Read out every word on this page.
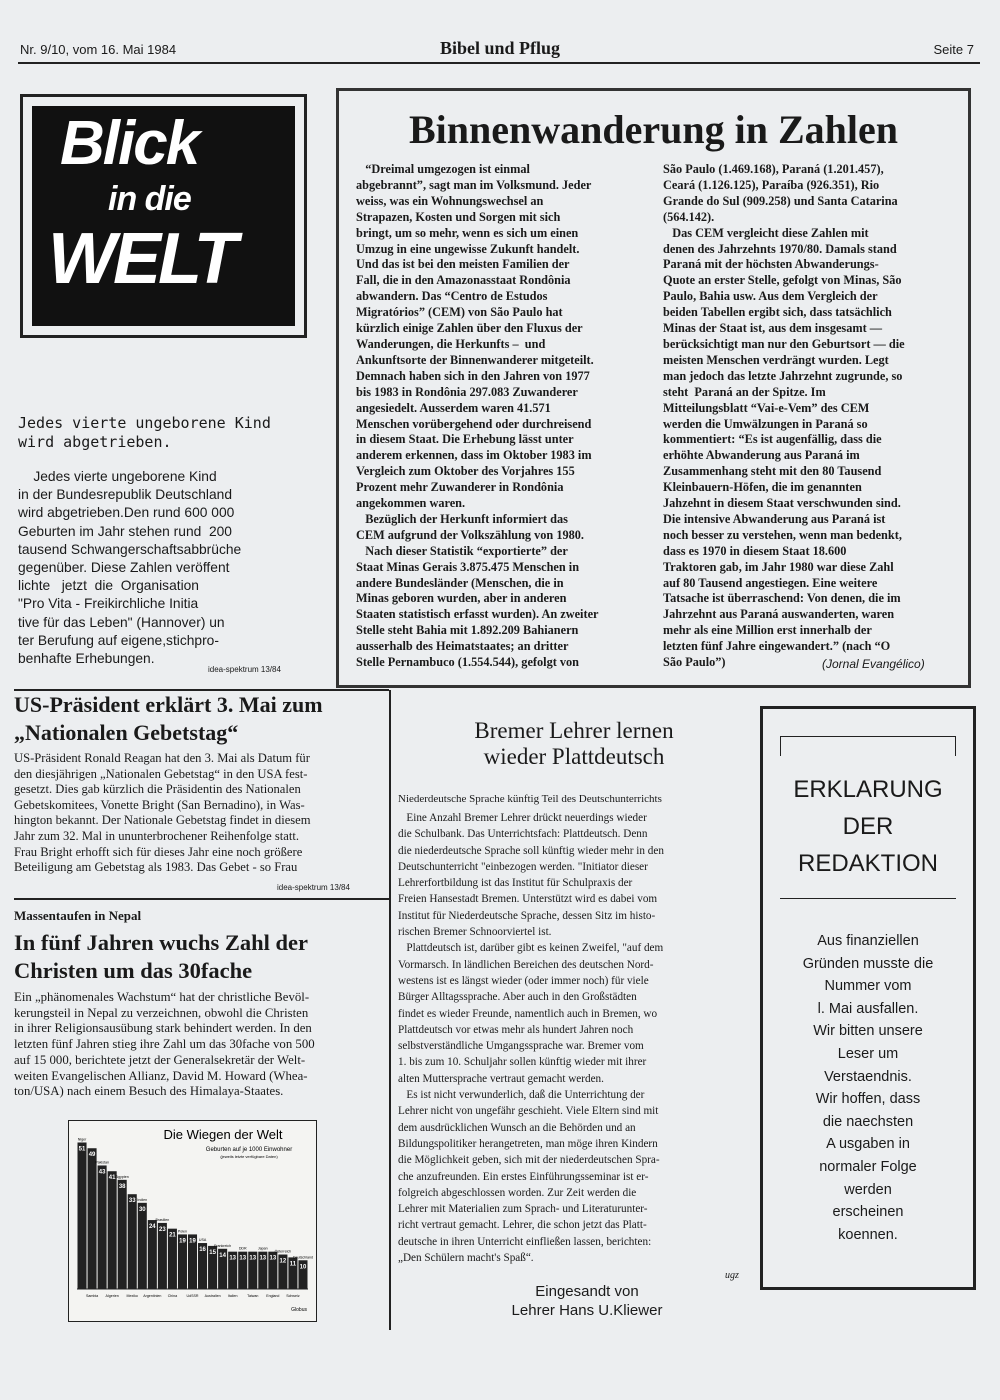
Nr. 9/10, vom 16. Mai 1984	Bibel und Pflug	Seite 7
Blick
in die
WELT
Jedes vierte ungeborene Kind
wird abgetrieben.
Jedes vierte ungeborene Kind
in der Bundesrepublik Deutschland
wird abgetrieben.Den rund 600 000
Geburten im Jahr stehen rund  200
tausend Schwangerschaftsabbrüche
gegenüber. Diese Zahlen veröffent
lichte   jetzt  die  Organisation
"Pro Vita - Freikirchliche Initia
tive für das Leben" (Hannover) un
ter Berufung auf eigene,stichpro-
benhafte Erhebungen.
idea-spektrum 13/84
Binnenwanderung in Zahlen
“Dreimal umgezogen ist einmal
abgebrannt”, sagt man im Volksmund. Jeder
weiss, was ein Wohnungswechsel an
Strapazen, Kosten und Sorgen mit sich
bringt, um so mehr, wenn es sich um einen
Umzug in eine ungewisse Zukunft handelt.
Und das ist bei den meisten Familien der
Fall, die in den Amazonasstaat Rondônia
abwandern. Das “Centro de Estudos
Migratórios” (CEM) von São Paulo hat
kürzlich einige Zahlen über den Fluxus der
Wanderungen, die Herkunfts –  und
Ankunftsorte der Binnenwanderer mitgeteilt.
Demnach haben sich in den Jahren von 1977
bis 1983 in Rondônia 297.083 Zuwanderer
angesiedelt. Ausserdem waren 41.571
Menschen vorübergehend oder durchreisend
in diesem Staat. Die Erhebung lässt unter
anderem erkennen, dass im Oktober 1983 im
Vergleich zum Oktober des Vorjahres 155
Prozent mehr Zuwanderer in Rondônia
angekommen waren.
Bezüglich der Herkunft informiert das
CEM aufgrund der Volkszählung von 1980.
Nach dieser Statistik “exportierte” der
Staat Minas Gerais 3.875.475 Menschen in
andere Bundesländer (Menschen, die in
Minas geboren wurden, aber in anderen
Staaten statistisch erfasst wurden). An zweiter
Stelle steht Bahia mit 1.892.209 Bahianern
ausserhalb des Heimatstaates; an dritter
Stelle Pernambuco (1.554.544), gefolgt von
São Paulo (1.469.168), Paraná (1.201.457),
Ceará (1.126.125), Paraíba (926.351), Rio
Grande do Sul (909.258) und Santa Catarina
(564.142).
Das CEM vergleicht diese Zahlen mit
denen des Jahrzehnts 1970/80. Damals stand
Paraná mit der höchsten Abwanderungs-
Quote an erster Stelle, gefolgt von Minas, São
Paulo, Bahia usw. Aus dem Vergleich der
beiden Tabellen ergibt sich, dass tatsächlich
Minas der Staat ist, aus dem insgesamt —
berücksichtigt man nur den Geburtsort — die
meisten Menschen verdrängt wurden. Legt
man jedoch das letzte Jahrzehnt zugrunde, so
steht  Paraná an der Spitze. Im
Mitteilungsblatt “Vai-e-Vem” des CEM
werden die Umwälzungen in Paraná so
kommentiert: “Es ist augenfällig, dass die
erhöhte Abwanderung aus Paraná im
Zusammenhang steht mit den 80 Tausend
Kleinbauern-Höfen, die im genannten
Jahzehnt in diesem Staat verschwunden sind.
Die intensive Abwanderung aus Paraná ist
noch besser zu verstehen, wenn man bedenkt,
dass es 1970 in diesem Staat 18.600
Traktoren gab, im Jahr 1980 war diese Zahl
auf 80 Tausend angestiegen. Eine weitere
Tatsache ist überraschend: Von denen, die im
Jahrzehnt aus Paraná auswanderten, waren
mehr als eine Million erst innerhalb der
letzten fünf Jahre eingewandert.” (nach “O
São Paulo”)	(Jornal Evangélico)
US-Präsident erklärt 3. Mai zum
„Nationalen Gebetstag“
US-Präsident Ronald Reagan hat den 3. Mai als Datum für
den diesjährigen „Nationalen Gebetstag“ in den USA fest-
gesetzt. Dies gab kürzlich die Präsidentin des Nationalen
Gebetskomitees, Vonette Bright (San Bernadino), in Was-
hington bekannt. Der Nationale Gebetstag findet in diesem
Jahr zum 32. Mal in ununterbrochener Reihenfolge statt.
Frau Bright erhofft sich für dieses Jahr eine noch größere
Beteiligung am Gebetstag als 1983. Das Gebet - so Frau
idea-spektrum 13/84
Massentaufen in Nepal
In fünf Jahren wuchs Zahl der
Christen um das 30fache
Ein „phänomenales Wachstum“ hat der christliche Bevöl-
kerungsteil in Nepal zu verzeichnen, obwohl die Christen
in ihrer Religionsausübung stark behindert werden. In den
letzten fünf Jahren stieg ihre Zahl um das 30fache von 500
auf 15 000, berichtete jetzt der Generalsekretär der Welt-
weiten Evangelischen Allianz, David M. Howard (Whea-
ton/USA) nach einem Besuch des Himalaya-Staates.
Die Wiegen der Welt
Geburten auf je 1000 Einwohner
(jeweils letzte verfügbare Daten)
51
Niger
49
Sambia
43
Pakistan
41
Algerien
38
Ägypten
33
Mexiko
30
Indien
24
Argentinien
23
Brasilien
21
China
19
Polen
19
UdSSR
16
USA
15
Australien
14
Frankreich
13
Italien
13
DDR
13
Taiwan
13
Japan
13
England
12
Österreich
11
Schweiz
10
Deutschland
Globus
Bremer Lehrer lernen
wieder Plattdeutsch
Niederdeutsche Sprache künftig Teil des Deutschunterrichts
Eine Anzahl Bremer Lehrer drückt neuerdings wieder
die Schulbank. Das Unterrichtsfach: Plattdeutsch. Denn
die niederdeutsche Sprache soll künftig wieder mehr in den
Deutschunterricht "einbezogen werden. "Initiator dieser
Lehrerfortbildung ist das Institut für Schulpraxis der
Freien Hansestadt Bremen. Unterstützt wird es dabei vom
Institut für Niederdeutsche Sprache, dessen Sitz im histo-
rischen Bremer Schnoorviertel ist.
Plattdeutsch ist, darüber gibt es keinen Zweifel, "auf dem
Vormarsch. In ländlichen Bereichen des deutschen Nord-
westens ist es längst wieder (oder immer noch) für viele
Bürger Alltagssprache. Aber auch in den Großstädten
findet es wieder Freunde, namentlich auch in Bremen, wo
Plattdeutsch vor etwas mehr als hundert Jahren noch
selbstverständliche Umgangssprache war. Bremer vom
1. bis zum 10. Schuljahr sollen künftig wieder mit ihrer
alten Muttersprache vertraut gemacht werden.
Es ist nicht verwunderlich, daß die Unterrichtung der
Lehrer nicht von ungefähr geschieht. Viele Eltern sind mit
dem ausdrücklichen Wunsch an die Behörden und an
Bildungspolitiker herangetreten, man möge ihren Kindern
die Möglichkeit geben, sich mit der niederdeutschen Spra-
che anzufreunden. Ein erstes Einführungsseminar ist er-
folgreich abgeschlossen worden. Zur Zeit werden die
Lehrer mit Materialien zum Sprach- und Literaturunter-
richt vertraut gemacht. Lehrer, die schon jetzt das Platt-
deutsche in ihren Unterricht einfließen lassen, berichten:
„Den Schülern macht's Spaß“.
ugz
Eingesandt von
Lehrer Hans U.Kliewer
ERKLARUNG
DER
REDAKTION
Aus finanziellen
Gründen musste die
Nummer vom
l. Mai ausfallen.
Wir bitten unsere
Leser um
Verstaendnis.
Wir hoffen, dass
die naechsten
A usgaben in
normaler Folge
werden
erscheinen
koennen.
